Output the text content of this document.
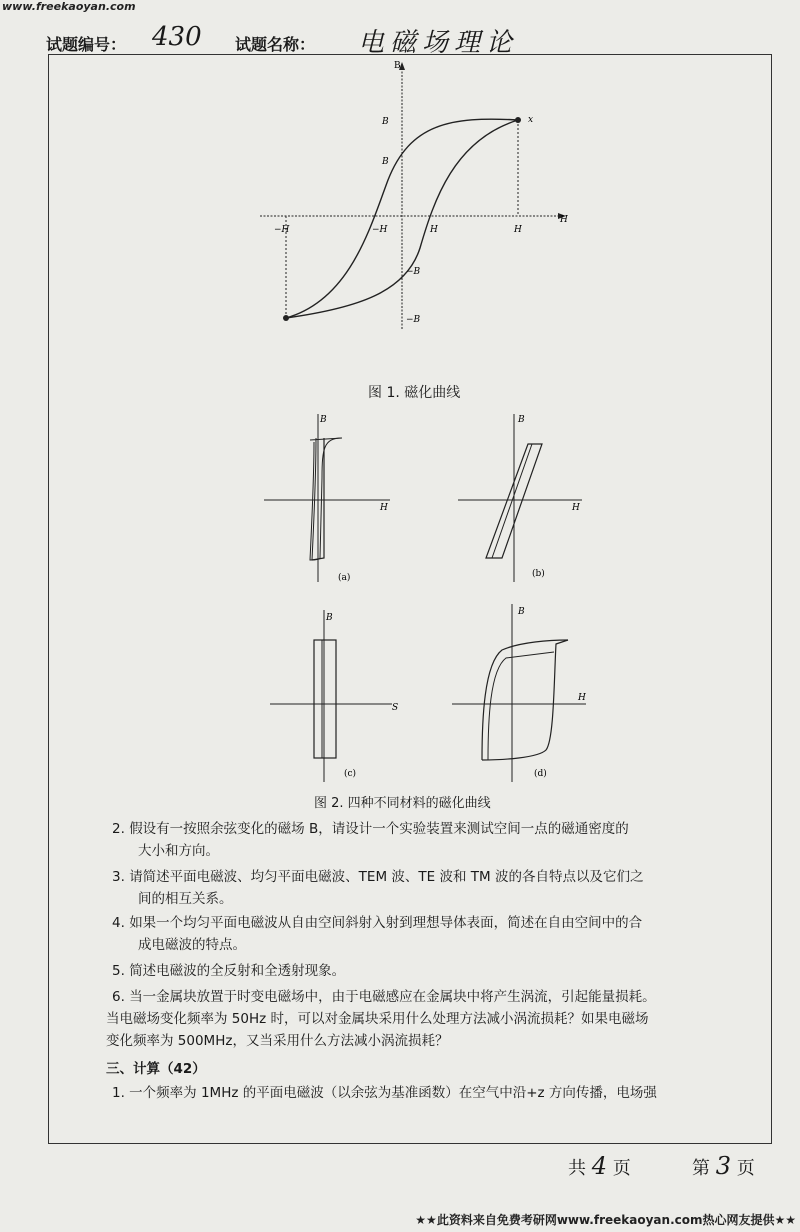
www.freekaoyan.com
试题编号： 430 试题名称： 电磁场理论
B
H
B
B
−B
−B
−H	−H	H	H
x
图 1. 磁化曲线
B
H
(a)
B
H
(b)
B
S
(c)
B
H
(d)
图 2. 四种不同材料的磁化曲线
2. 假设有一按照余弦变化的磁场 B，请设计一个实验装置来测试空间一点的磁通密度的
大小和方向。
3. 请简述平面电磁波、均匀平面电磁波、TEM 波、TE 波和 TM 波的各自特点以及它们之
间的相互关系。
4. 如果一个均匀平面电磁波从自由空间斜射入射到理想导体表面，简述在自由空间中的合
成电磁波的特点。
5. 简述电磁波的全反射和全透射现象。
6. 当一金属块放置于时变电磁场中，由于电磁感应在金属块中将产生涡流，引起能量损耗。
当电磁场变化频率为 50Hz 时，可以对金属块采用什么处理方法减小涡流损耗？如果电磁场
变化频率为 500MHz，又当采用什么方法减小涡流损耗？
三、计算（42）
1. 一个频率为 1MHz 的平面电磁波（以余弦为基准函数）在空气中沿+z 方向传播，电场强
共 4 页	第 3 页
★★此资料来自免费考研网www.freekaoyan.com热心网友提供★★
